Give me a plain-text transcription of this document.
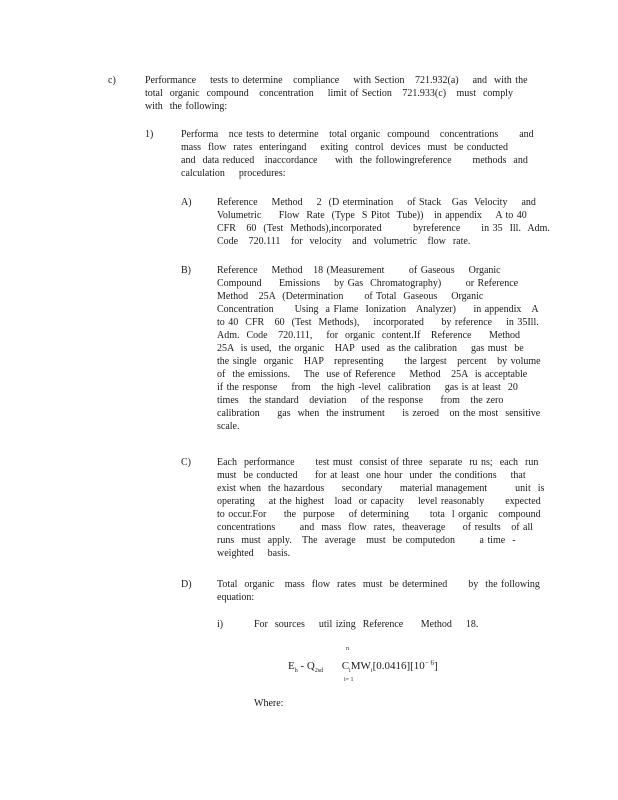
c)	Performance    tests to determine   compliance    with Section   721.932(a)    and  with the
total  organic  compound   concentration    limit of Section   721.933(c)   must  comply
with  the following:
1)	Performa   nce tests to determine   total organic  compound   concentrations      and
mass  flow  rates  enteringand    exiting  control  devices  must  be conducted
and  data reduced   inaccordance     with  the followingreference      methods  and
calculation    procedures:
A)	Reference    Method    2  (D etermination    of Stack   Gas  Velocity    and
Volumetric     Flow  Rate  (Type  S Pitot  Tube))   in appendix    A to 40
CFR   60  (Test  Methods),incorporated         byreference      in 35  Ill.  Adm.
Code   720.111   for  velocity   and  volumetric   flow  rate.
B)	Reference    Method   18 (Measurement       of Gaseous    Organic
Compound     Emissions    by Gas  Chromatography)       or Reference
Method   25A  (Determination      of Total  Gaseous    Organic
Concentration      Using  a Flame  Ionization   Analyzer)     in appendix   A
to 40  CFR   60  (Test  Methods),    incorporated     by reference    in 35Ill.
Adm.  Code   720.111,    for  organic  content.If   Reference     Method
25A  is used,  the organic   HAP  used  as the calibration    gas must  be
the single  organic   HAP   representing      the largest   percent   by volume
of  the emissions.    The  use of Reference    Method   25A  is acceptable
if the response    from   the high -level  calibration    gas is at least  20
times   the standard   deviation    of the response     from   the zero
calibration     gas  when  the instrument     is zeroed   on the most  sensitive
scale.
C)	Each  performance      test must  consist of three  separate  ru ns;  each  run
must  be conducted     for at least  one hour  under  the conditions    that
exist when  the hazardous     secondary     material management        unit  is
operating    at the highest   load  or capacity    level reasonably      expected
to occur.For     the  purpose    of determining      tota  l organic   compound
concentrations       and  mass  flow  rates,  theaverage     of results   of all
runs  must  apply.   The  average   must  be computedon       a time  -
weighted    basis.
D)	Total  organic   mass  flow  rates  must  be determined      by  the following
equation:
i)	For  sources    util izing  Reference     Method    18.
n
$E_h - Q_{2sd}$    $C_iMW_i[0.0416][10^{- 6}]$
i= 1
Where:
